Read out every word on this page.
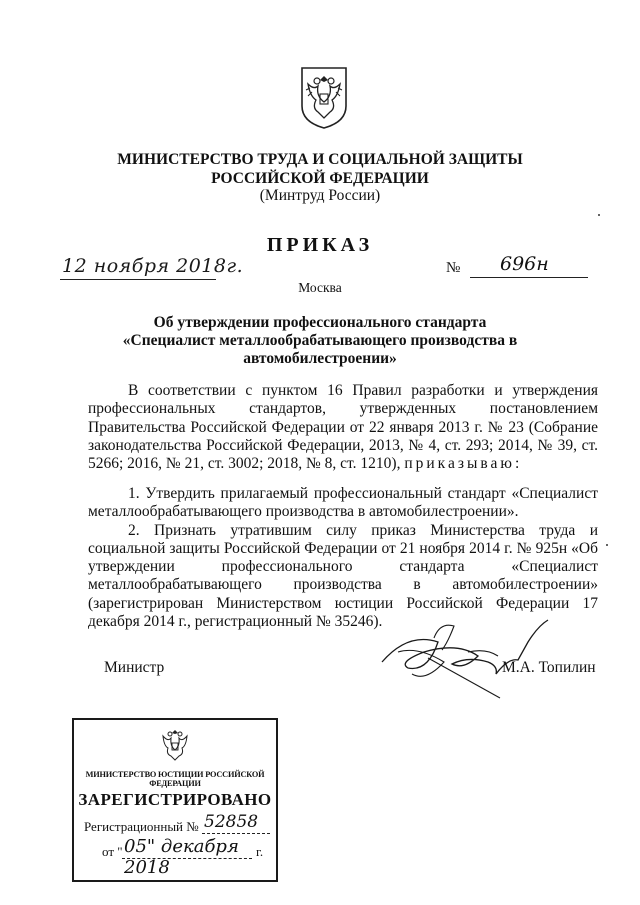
МИНИСТЕРСТВО ТРУДА И СОЦИАЛЬНОЙ ЗАЩИТЫ
РОССИЙСКОЙ ФЕДЕРАЦИИ
(Минтруд России)
ПРИКАЗ
12 ноября 2018г.	№ 696н
Москва
Об утверждении профессионального стандарта
«Специалист металлообрабатывающего производства в
автомобилестроении»

В соответствии с пунктом 16 Правил разработки и утверждения профессиональных стандартов, утвержденных постановлением Правительства Российской Федерации от 22 января 2013 г. № 23 (Собрание законодательства Российской Федерации, 2013, № 4, ст. 293; 2014, № 39, ст. 5266; 2016, № 21, ст. 3002; 2018, № 8, ст. 1210), приказываю:

1. Утвердить прилагаемый профессиональный стандарт «Специалист металлообрабатывающего производства в автомобилестроении».

2. Признать утратившим силу приказ Министерства труда и социальной защиты Российской Федерации от 21 ноября 2014 г. № 925н «Об утверждении профессионального стандарта «Специалист металлообрабатывающего производства в автомобилестроении» (зарегистрирован Министерством юстиции Российской Федерации 17 декабря 2014 г., регистрационный № 35246).

Министр	М.А. Топилин
МИНИСТЕРСТВО ЮСТИЦИИ РОССИЙСКОЙ ФЕДЕРАЦИИ
ЗАРЕГИСТРИРОВАНО
Регистрационный № 52858
от " 05" декабря 2018
г.
